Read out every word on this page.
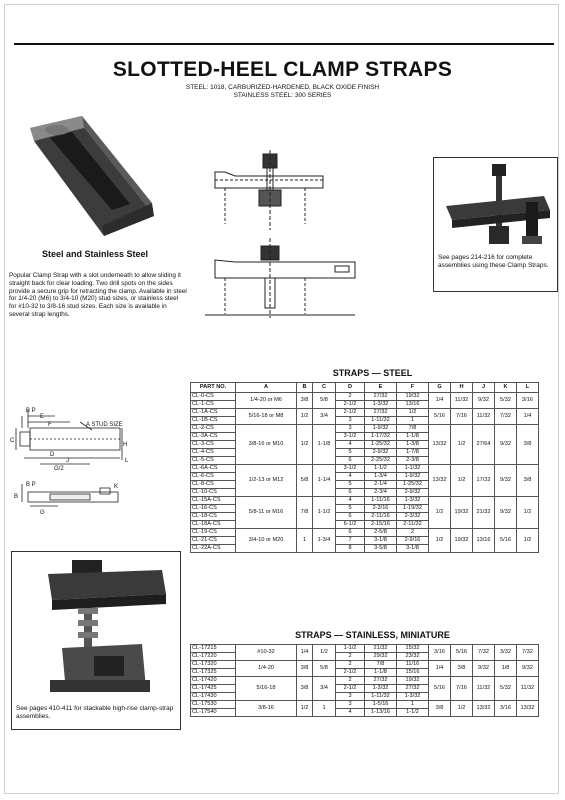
SLOTTED-HEEL CLAMP STRAPS
STEEL: 1018, CARBURIZED-HARDENED, BLACK OXIDE FINISH
STAINLESS STEEL: 300 SERIES
See pages 214-216 for complete assemblies using these Clamp Straps.
Steel and Stainless Steel
Popular Clamp Strap with a slot underneath to allow sliding it straight back for clear loading. Two drill spots on the sides provide a secure grip for retracting the clamp. Available in steel for 1/4-20 (M6) to 3/4-10 (M20) stud sizes, or stainless steel for #10-32 to 3/8-16 stud sizes. Each size is available in several strap lengths.
B P
E
F	A STUD SIZE
C
D
H
L
G/2
J
B P	K
B
G
See pages 410-411 for stackable high-rise clamp-strap assemblies.
STRAPS — STEEL
PART NO.	A	B	C	D	E	F	G	H	J	K	L
CL-0-CS	1/4-20 or M6	3/8	5/8	2	27/32	19/32	1/4	11/32	9/32	5/32	3/16
CL-1-CS				2-1/2	1-3/32	13/16					
CL-1A-CS	5/16-18 or M8	1/2	3/4	2-1/2	27/32	1/2	5/16	7/16	11/32	7/32	1/4
CL-1B-CS				3	1-11/32	1					
CL-2-CS	3/8-16 or M10	1/2	1-1/8	3	1-9/32	7/8	13/32	1/2	27/64	9/32	3/8
CL-3A-CS				3-1/2	1-17/32	1-1/8					
CL-3-CS				4	1-25/32	1-3/8					
CL-4-CS				5	2-9/32	1-7/8					
CL-5-CS				6	2-25/32	2-3/8					
CL-6A-CS	1/2-13 or M12	5/8	1-1/4	3-1/2	1-1/2	1-1/32	13/32	1/2	17/32	9/32	3/8
CL-6-CS				4	1-3/4	1-9/32					
CL-8-CS				5	2-1/4	1-25/32					
CL-10-CS				6	2-3/4	2-9/32					
CL-15A-CS	5/8-11 or M16	7/8	1-1/2	4	1-11/16	1-3/32	1/2	19/32	21/32	9/32	1/2
CL-16-CS				5	2-3/16	1-19/32					
CL-18-CS				6	2-11/16	2-3/32					
CL-18A-CS				6-1/2	2-15/16	2-11/32					
CL-19-CS	3/4-10 or M20	1	1-3/4	6	2-5/8	2	1/2	19/32	13/16	5/16	1/2
CL-21-CS				7	3-1/8	2-9/16					
CL-22A-CS				8	3-5/8	3-1/8					
STRAPS — STAINLESS, MINIATURE
CL-17215	#10-32	1/4	1/2	1-1/2	21/32	15/32	3/16	5/16	7/32	3/32	7/32
CL-17220				2	29/32	23/32					
CL-17320	1/4-20	3/8	5/8	2	7/8	11/16	1/4	3/8	9/32	1/8	9/32
CL-17325				2-1/2	1-1/8	15/16					
CL-17420	5/16-18	3/8	3/4	2	27/32	19/32	5/16	7/16	11/32	5/32	11/32
CL-17425				2-1/2	1-3/32	27/32					
CL-17430				3	1-11/32	1-3/32					
CL-17530	3/8-16	1/2	1	3	1-5/16	1	3/8	1/2	13/32	3/16	13/32
CL-17540				4	1-13/16	1-1/2					
